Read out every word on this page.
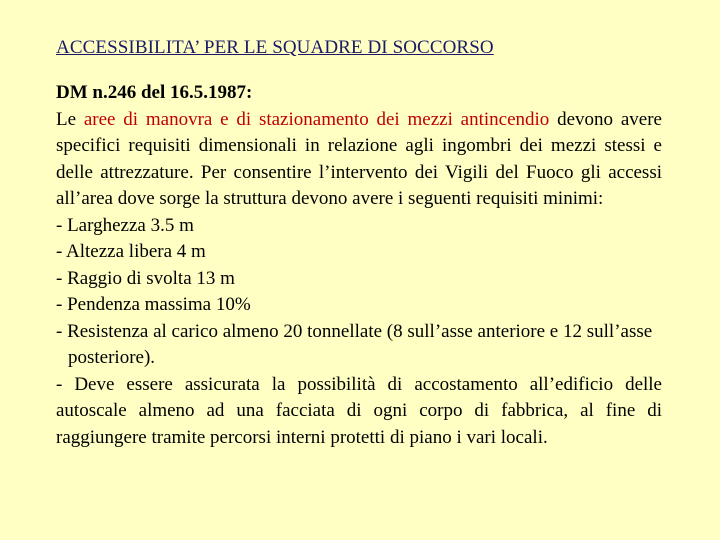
ACCESSIBILITA’ PER LE SQUADRE DI SOCCORSO
DM n.246 del 16.5.1987:
Le aree di manovra e di stazionamento dei mezzi antincendio devono avere specifici requisiti dimensionali in relazione agli ingombri dei mezzi stessi e delle attrezzature. Per consentire l’intervento dei Vigili del Fuoco gli accessi all’area dove sorge la struttura devono avere i seguenti requisiti minimi:
- Larghezza 3.5 m
- Altezza libera 4 m
- Raggio di svolta 13 m
- Pendenza massima 10%
- Resistenza al carico almeno 20 tonnellate (8 sull’asse anteriore e 12 sull’asse posteriore).
- Deve essere assicurata la possibilità di accostamento all’edificio delle autoscale almeno ad una facciata di ogni corpo di fabbrica, al fine di raggiungere tramite percorsi interni protetti di piano i vari locali.
